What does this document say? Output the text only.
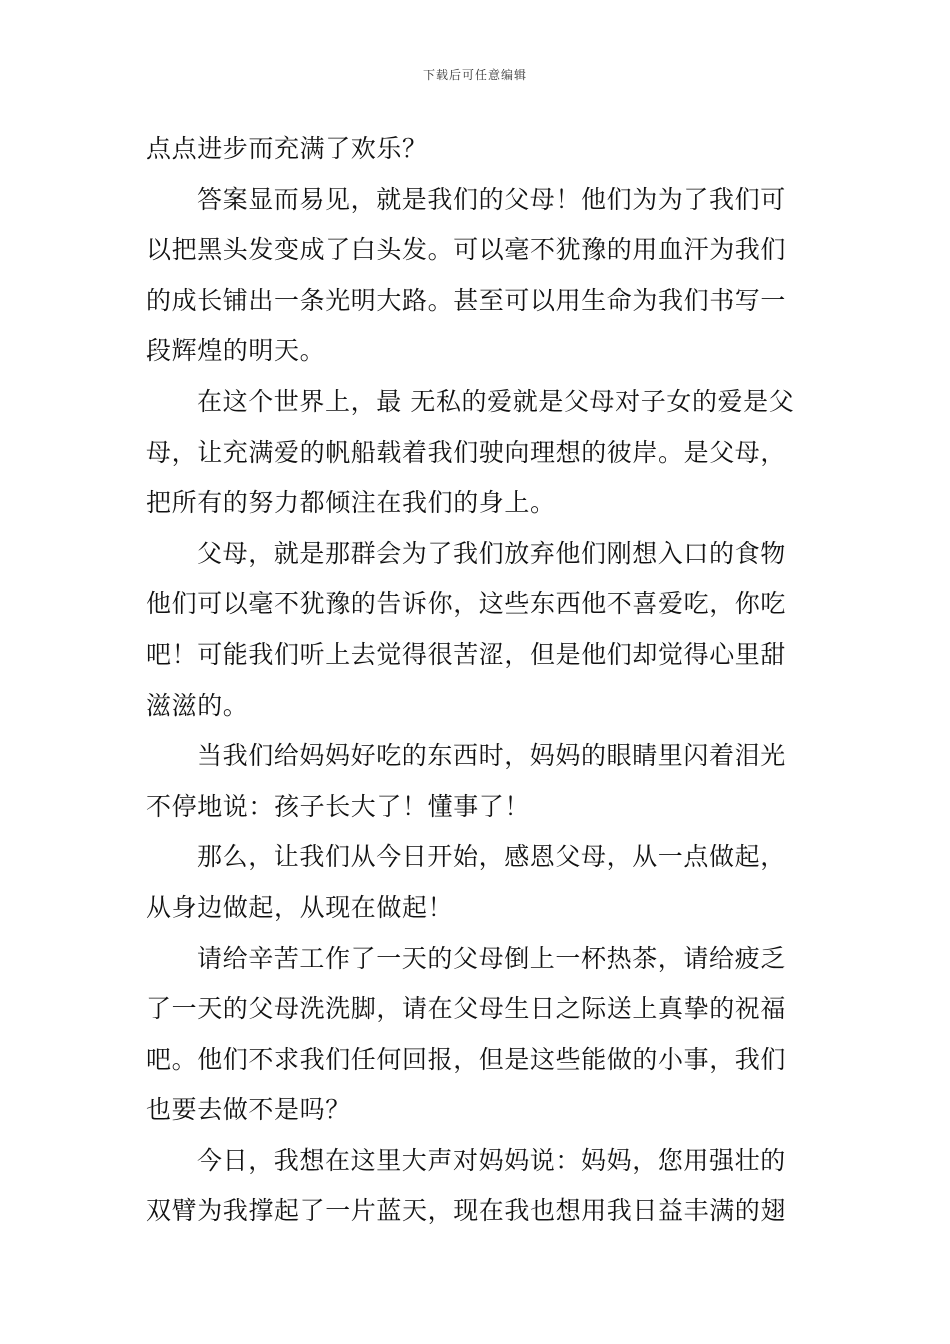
下载后可任意编辑
点点进步而充满了欢乐？
答案显而易见，就是我们的父母！他们为为了我们可
以把黑头发变成了白头发。可以毫不犹豫的用血汗为我们
的成长铺出一条光明大路。甚至可以用生命为我们书写一
段辉煌的明天。
在这个世界上，最 无私的爱就是父母对子女的爱是父
母，让充满爱的帆船载着我们驶向理想的彼岸。是父母，
把所有的努力都倾注在我们的身上。
父母，就是那群会为了我们放弃他们刚想入口的食物
他们可以毫不犹豫的告诉你，这些东西他不喜爱吃，你吃
吧！可能我们听上去觉得很苦涩，但是他们却觉得心里甜
滋滋的。
当我们给妈妈好吃的东西时，妈妈的眼睛里闪着泪光
不停地说：孩子长大了！懂事了！
那么，让我们从今日开始，感恩父母，从一点做起，
从身边做起，从现在做起！
请给辛苦工作了一天的父母倒上一杯热茶，请给疲乏
了一天的父母洗洗脚，请在父母生日之际送上真挚的祝福
吧。他们不求我们任何回报，但是这些能做的小事，我们
也要去做不是吗？
今日，我想在这里大声对妈妈说：妈妈，您用强壮的
双臂为我撑起了一片蓝天，现在我也想用我日益丰满的翅
